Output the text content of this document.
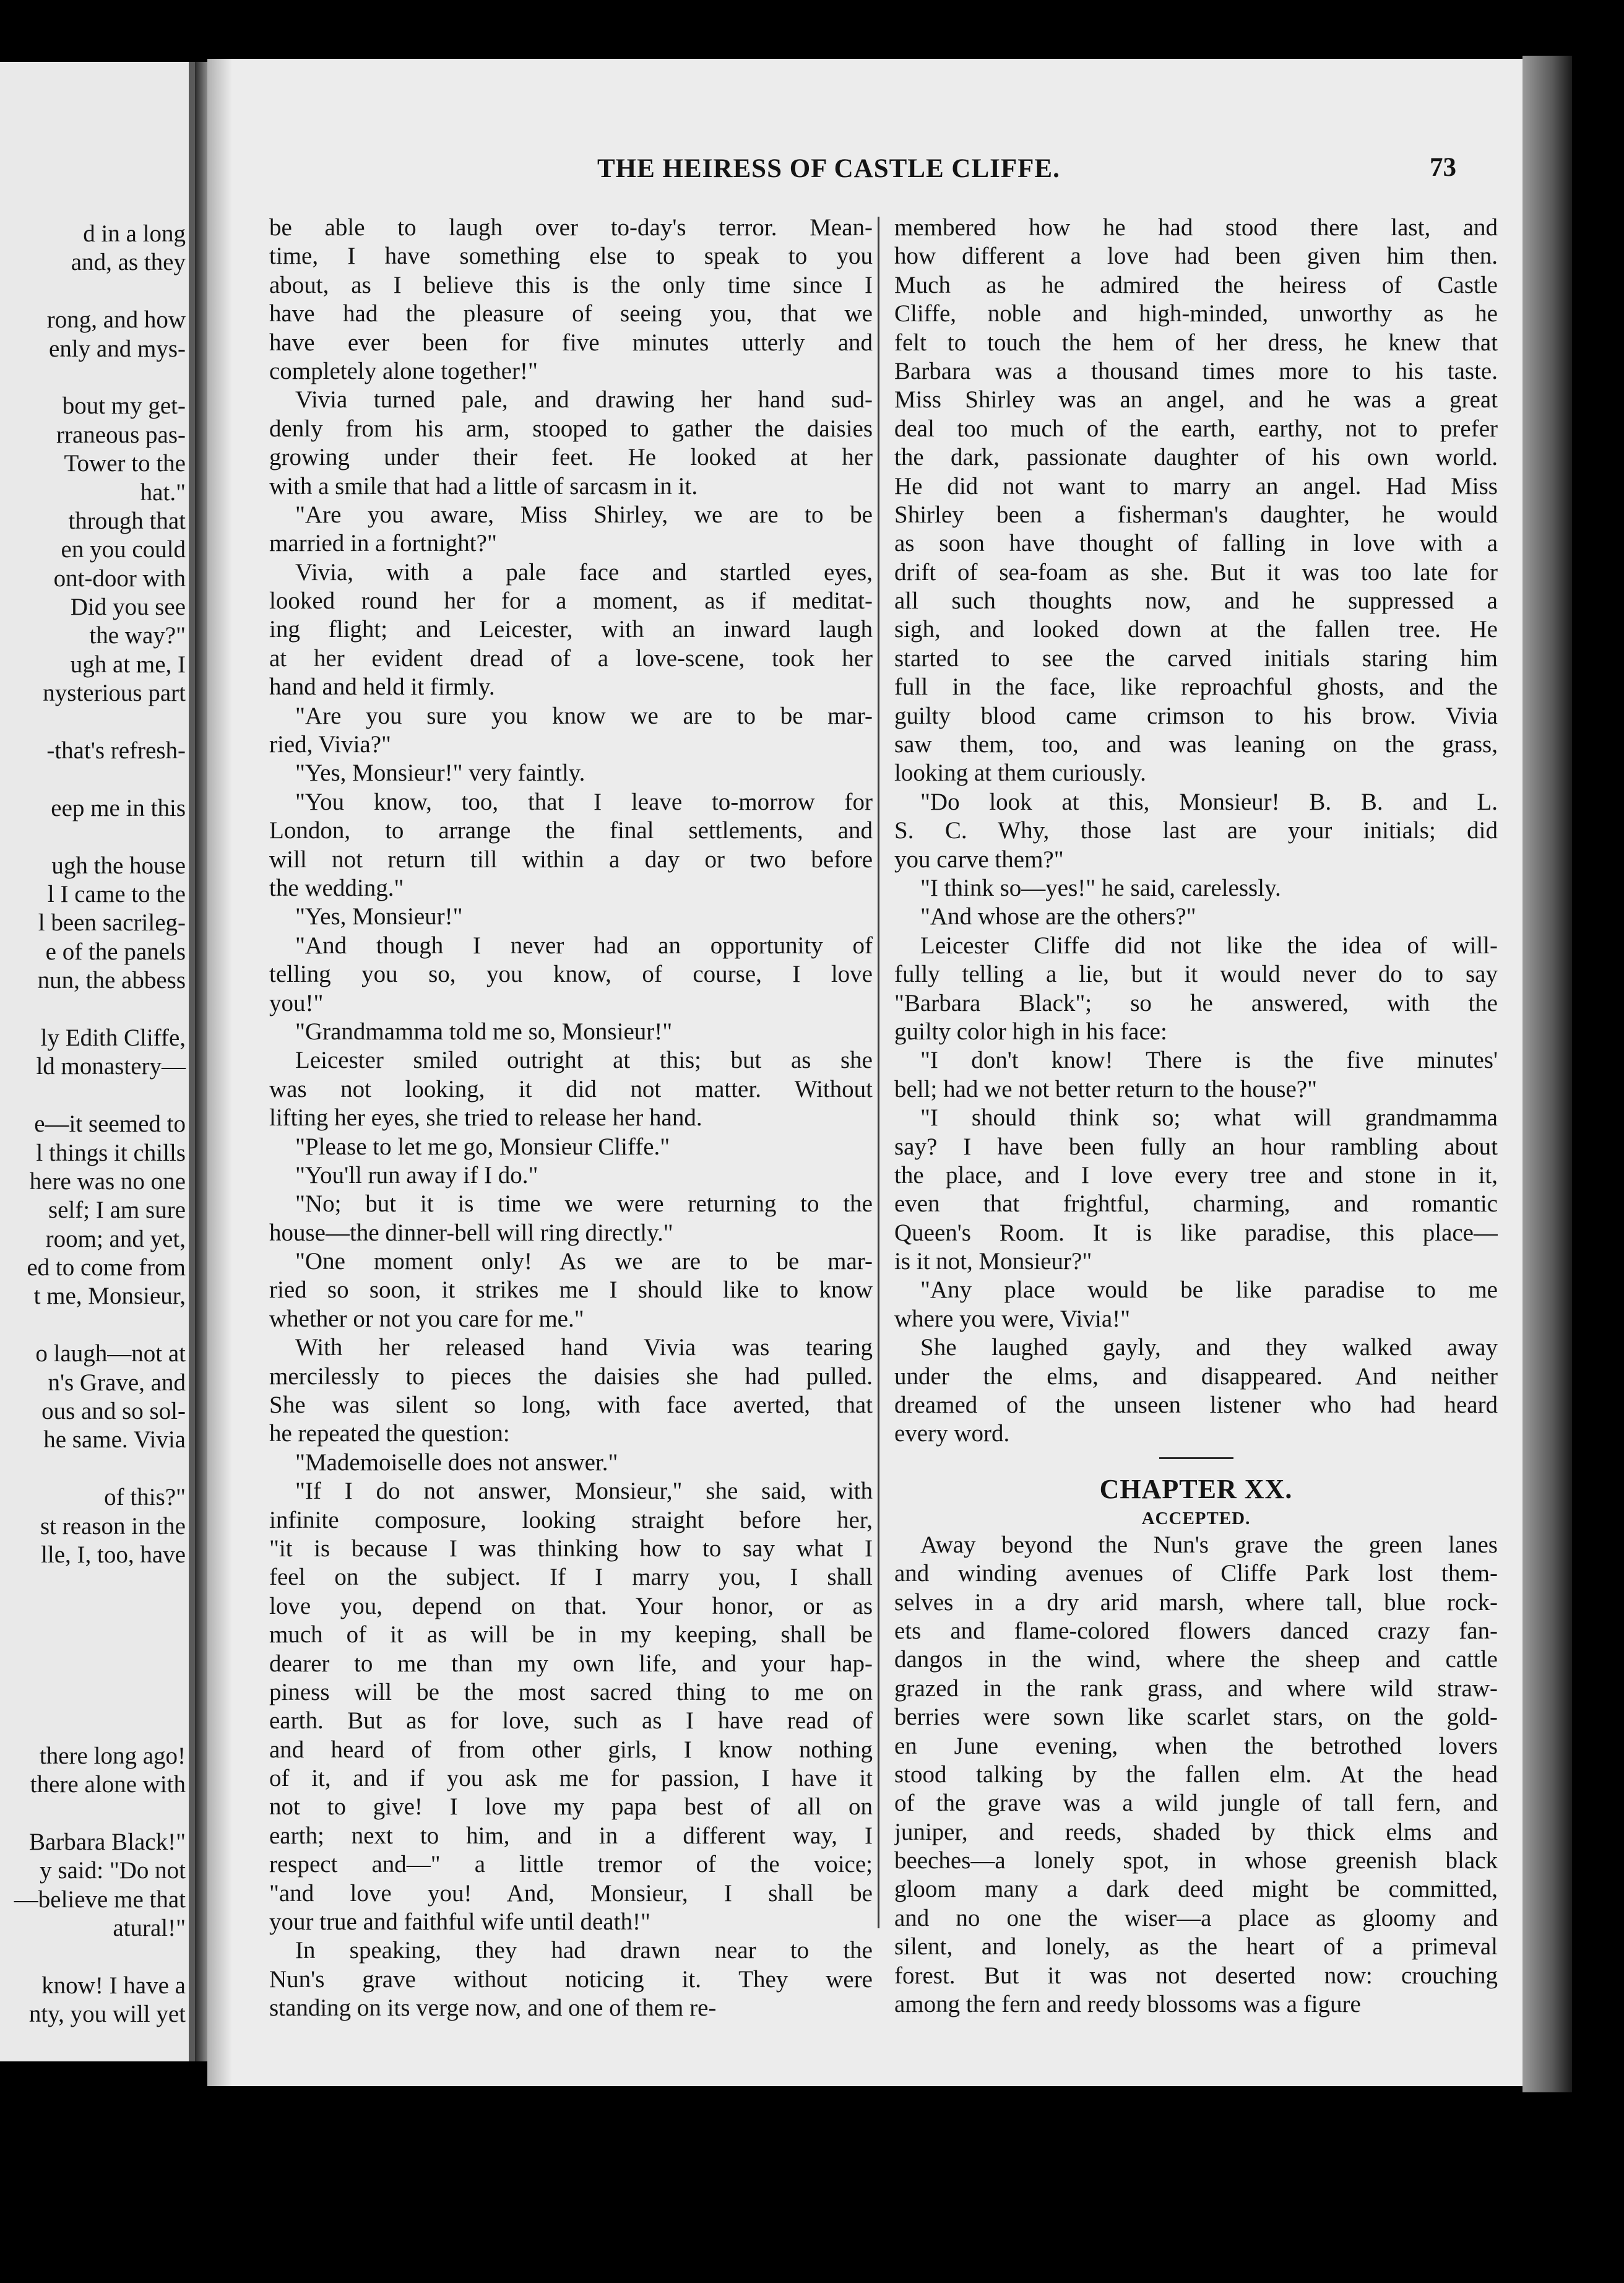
d in a long
and, as they
rong, and how
enly and mys-
bout my get-
rraneous pas-
Tower to the
hat."
through that
en you could
ont-door with
Did you see
the way?"
ugh at me, I
nysterious part
-that's refresh-
eep me in this
ugh the house
l I came to the
l been sacrileg-
e of the panels
nun, the abbess
ly Edith Cliffe,
ld monastery—
e—it seemed to
l things it chills
here was no one
self; I am sure
room; and yet,
ed to come from
t me, Monsieur,
o laugh—not at
n's Grave, and
ous and so sol-
he same. Vivia
of this?"
st reason in the
lle, I, too, have
there long ago!
there alone with
Barbara Black!"
y said: "Do not
—believe me that
atural!"
know! I have a
nty, you will yet
THE HEIRESS OF CASTLE CLIFFE.	73
be able to laugh over to-day's terror. Mean-
time, I have something else to speak to you
about, as I believe this is the only time since I
have had the pleasure of seeing you, that we
have ever been for five minutes utterly and
completely alone together!"
Vivia turned pale, and drawing her hand sud-
denly from his arm, stooped to gather the daisies
growing under their feet. He looked at her
with a smile that had a little of sarcasm in it.
"Are you aware, Miss Shirley, we are to be
married in a fortnight?"
Vivia, with a pale face and startled eyes,
looked round her for a moment, as if meditat-
ing flight; and Leicester, with an inward laugh
at her evident dread of a love-scene, took her
hand and held it firmly.
"Are you sure you know we are to be mar-
ried, Vivia?"
"Yes, Monsieur!" very faintly.
"You know, too, that I leave to-morrow for
London, to arrange the final settlements, and
will not return till within a day or two before
the wedding."
"Yes, Monsieur!"
"And though I never had an opportunity of
telling you so, you know, of course, I love
you!"
"Grandmamma told me so, Monsieur!"
Leicester smiled outright at this; but as she
was not looking, it did not matter. Without
lifting her eyes, she tried to release her hand.
"Please to let me go, Monsieur Cliffe."
"You'll run away if I do."
"No; but it is time we were returning to the
house—the dinner-bell will ring directly."
"One moment only! As we are to be mar-
ried so soon, it strikes me I should like to know
whether or not you care for me."
With her released hand Vivia was tearing
mercilessly to pieces the daisies she had pulled.
She was silent so long, with face averted, that
he repeated the question:
"Mademoiselle does not answer."
"If I do not answer, Monsieur," she said, with
infinite composure, looking straight before her,
"it is because I was thinking how to say what I
feel on the subject. If I marry you, I shall
love you, depend on that. Your honor, or as
much of it as will be in my keeping, shall be
dearer to me than my own life, and your hap-
piness will be the most sacred thing to me on
earth. But as for love, such as I have read of
and heard of from other girls, I know nothing
of it, and if you ask me for passion, I have it
not to give! I love my papa best of all on
earth; next to him, and in a different way, I
respect and—" a little tremor of the voice;
"and love you! And, Monsieur, I shall be
your true and faithful wife until death!"
In speaking, they had drawn near to the
Nun's grave without noticing it. They were
standing on its verge now, and one of them re-
membered how he had stood there last, and
how different a love had been given him then.
Much as he admired the heiress of Castle
Cliffe, noble and high-minded, unworthy as he
felt to touch the hem of her dress, he knew that
Barbara was a thousand times more to his taste.
Miss Shirley was an angel, and he was a great
deal too much of the earth, earthy, not to prefer
the dark, passionate daughter of his own world.
He did not want to marry an angel. Had Miss
Shirley been a fisherman's daughter, he would
as soon have thought of falling in love with a
drift of sea-foam as she. But it was too late for
all such thoughts now, and he suppressed a
sigh, and looked down at the fallen tree. He
started to see the carved initials staring him
full in the face, like reproachful ghosts, and the
guilty blood came crimson to his brow. Vivia
saw them, too, and was leaning on the grass,
looking at them curiously.
"Do look at this, Monsieur! B. B. and L.
S. C. Why, those last are your initials; did
you carve them?"
"I think so—yes!" he said, carelessly.
"And whose are the others?"
Leicester Cliffe did not like the idea of will-
fully telling a lie, but it would never do to say
"Barbara Black"; so he answered, with the
guilty color high in his face:
"I don't know! There is the five minutes'
bell; had we not better return to the house?"
"I should think so; what will grandmamma
say? I have been fully an hour rambling about
the place, and I love every tree and stone in it,
even that frightful, charming, and romantic
Queen's Room. It is like paradise, this place—
is it not, Monsieur?"
"Any place would be like paradise to me
where you were, Vivia!"
She laughed gayly, and they walked away
under the elms, and disappeared. And neither
dreamed of the unseen listener who had heard
every word.
CHAPTER XX.
ACCEPTED.
Away beyond the Nun's grave the green lanes
and winding avenues of Cliffe Park lost them-
selves in a dry arid marsh, where tall, blue rock-
ets and flame-colored flowers danced crazy fan-
dangos in the wind, where the sheep and cattle
grazed in the rank grass, and where wild straw-
berries were sown like scarlet stars, on the gold-
en June evening, when the betrothed lovers
stood talking by the fallen elm. At the head
of the grave was a wild jungle of tall fern, and
juniper, and reeds, shaded by thick elms and
beeches—a lonely spot, in whose greenish black
gloom many a dark deed might be committed,
and no one the wiser—a place as gloomy and
silent, and lonely, as the heart of a primeval
forest. But it was not deserted now: crouching
among the fern and reedy blossoms was a figure
